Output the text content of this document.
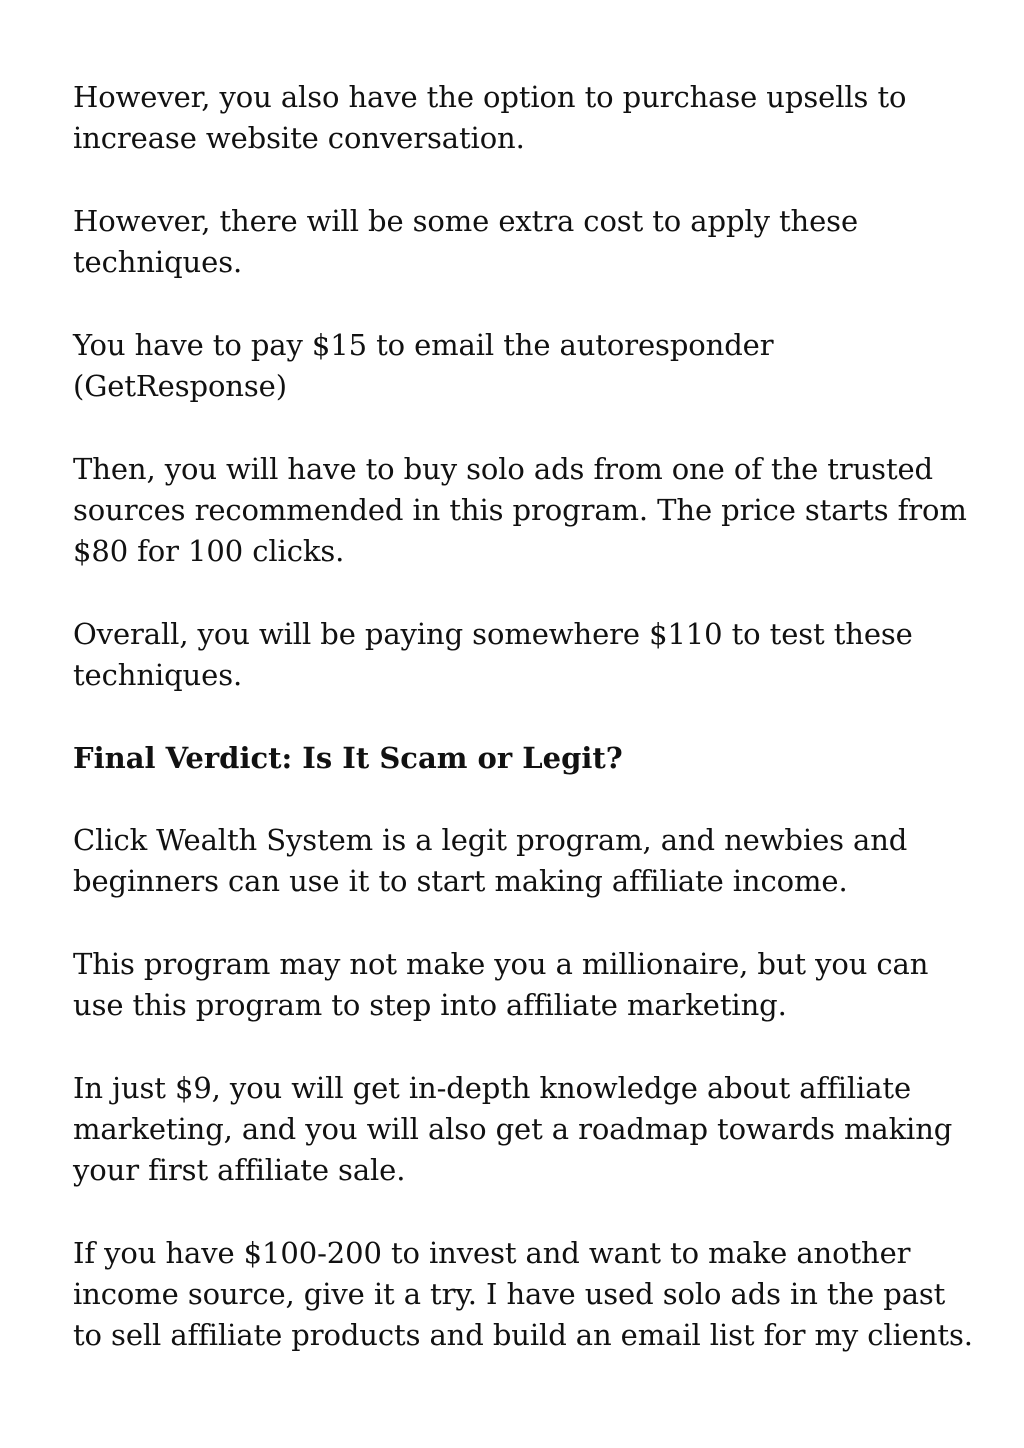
However, you also have the option to purchase upsells to
increase website conversation.

However, there will be some extra cost to apply these
techniques.

You have to pay $15 to email the autoresponder
(GetResponse)

Then, you will have to buy solo ads from one of the trusted
sources recommended in this program. The price starts from
$80 for 100 clicks.

Overall, you will be paying somewhere $110 to test these
techniques.

Final Verdict: Is It Scam or Legit?

Click Wealth System is a legit program, and newbies and
beginners can use it to start making affiliate income.

This program may not make you a millionaire, but you can
use this program to step into affiliate marketing.

In just $9, you will get in-depth knowledge about affiliate
marketing, and you will also get a roadmap towards making
your first affiliate sale.

If you have $100-200 to invest and want to make another
income source, give it a try. I have used solo ads in the past
to sell affiliate products and build an email list for my clients.
